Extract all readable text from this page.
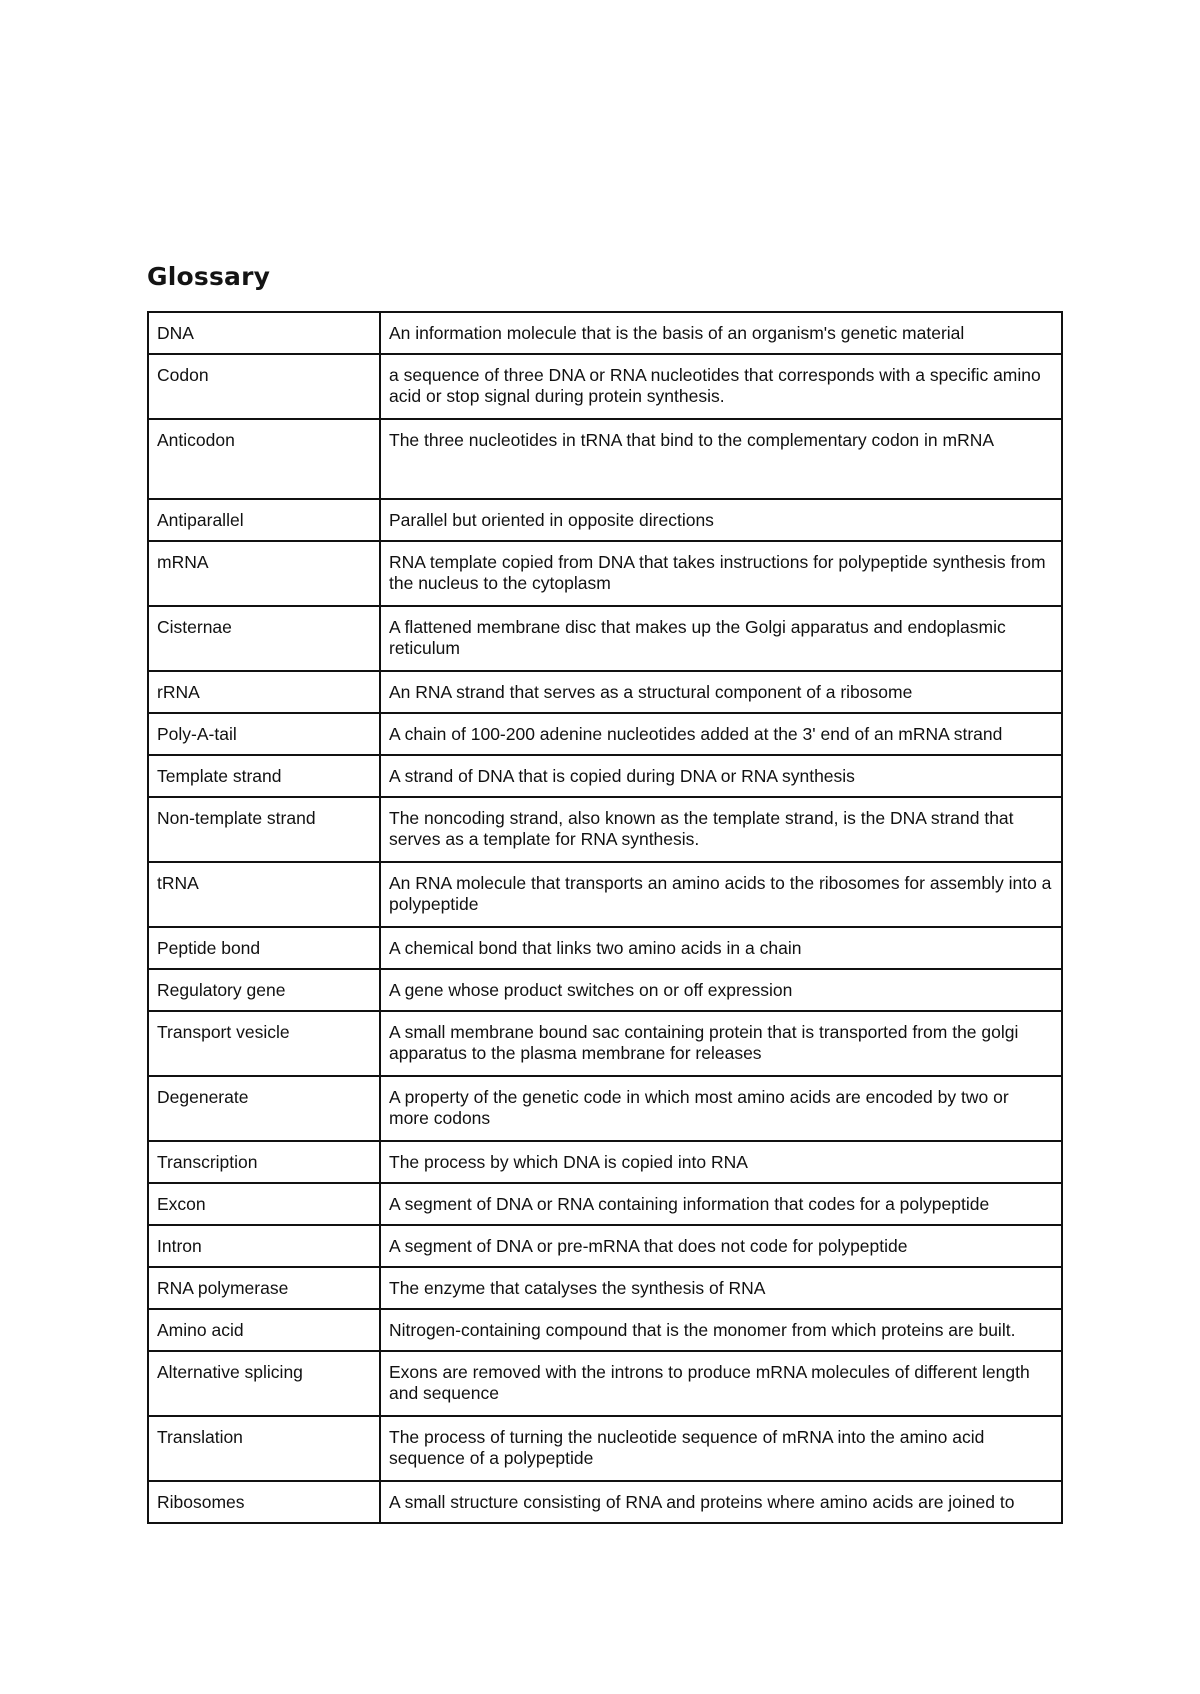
Glossary
DNA	An information molecule that is the basis of an organism's genetic material
Codon	a sequence of three DNA or RNA nucleotides that corresponds with a specific amino acid or stop signal during protein synthesis.
Anticodon	The three nucleotides in tRNA that bind to the complementary codon in mRNA
Antiparallel	Parallel but oriented in opposite directions
mRNA	RNA template copied from DNA that takes instructions for polypeptide synthesis from the nucleus to the cytoplasm
Cisternae	A flattened membrane disc that makes up the Golgi apparatus and endoplasmic reticulum
rRNA	An RNA strand that serves as a structural component of a ribosome
Poly-A-tail	A chain of 100-200 adenine nucleotides added at the 3' end of an mRNA strand
Template strand	A strand of DNA that is copied during DNA or RNA synthesis
Non-template strand	The noncoding strand, also known as the template strand, is the DNA strand that serves as a template for RNA synthesis.
tRNA	An RNA molecule that transports an amino acids to the ribosomes for assembly into a polypeptide
Peptide bond	A chemical bond that links two amino acids in a chain
Regulatory gene	A gene whose product switches on or off expression
Transport vesicle	A small membrane bound sac containing protein that is transported from the golgi apparatus to the plasma membrane for releases
Degenerate	A property of the genetic code in which most amino acids are encoded by two or more codons
Transcription	The process by which DNA is copied into RNA
Excon	A segment of DNA or RNA containing information that codes for a polypeptide
Intron	A segment of DNA or pre-mRNA that does not code for polypeptide
RNA polymerase	The enzyme that catalyses the synthesis of RNA
Amino acid	Nitrogen-containing compound that is the monomer from which proteins are built.
Alternative splicing	Exons are removed with the introns to produce mRNA molecules of different length and sequence
Translation	The process of turning the nucleotide sequence of mRNA into the amino acid sequence of a polypeptide
Ribosomes	A small structure consisting of RNA and proteins where amino acids are joined to
